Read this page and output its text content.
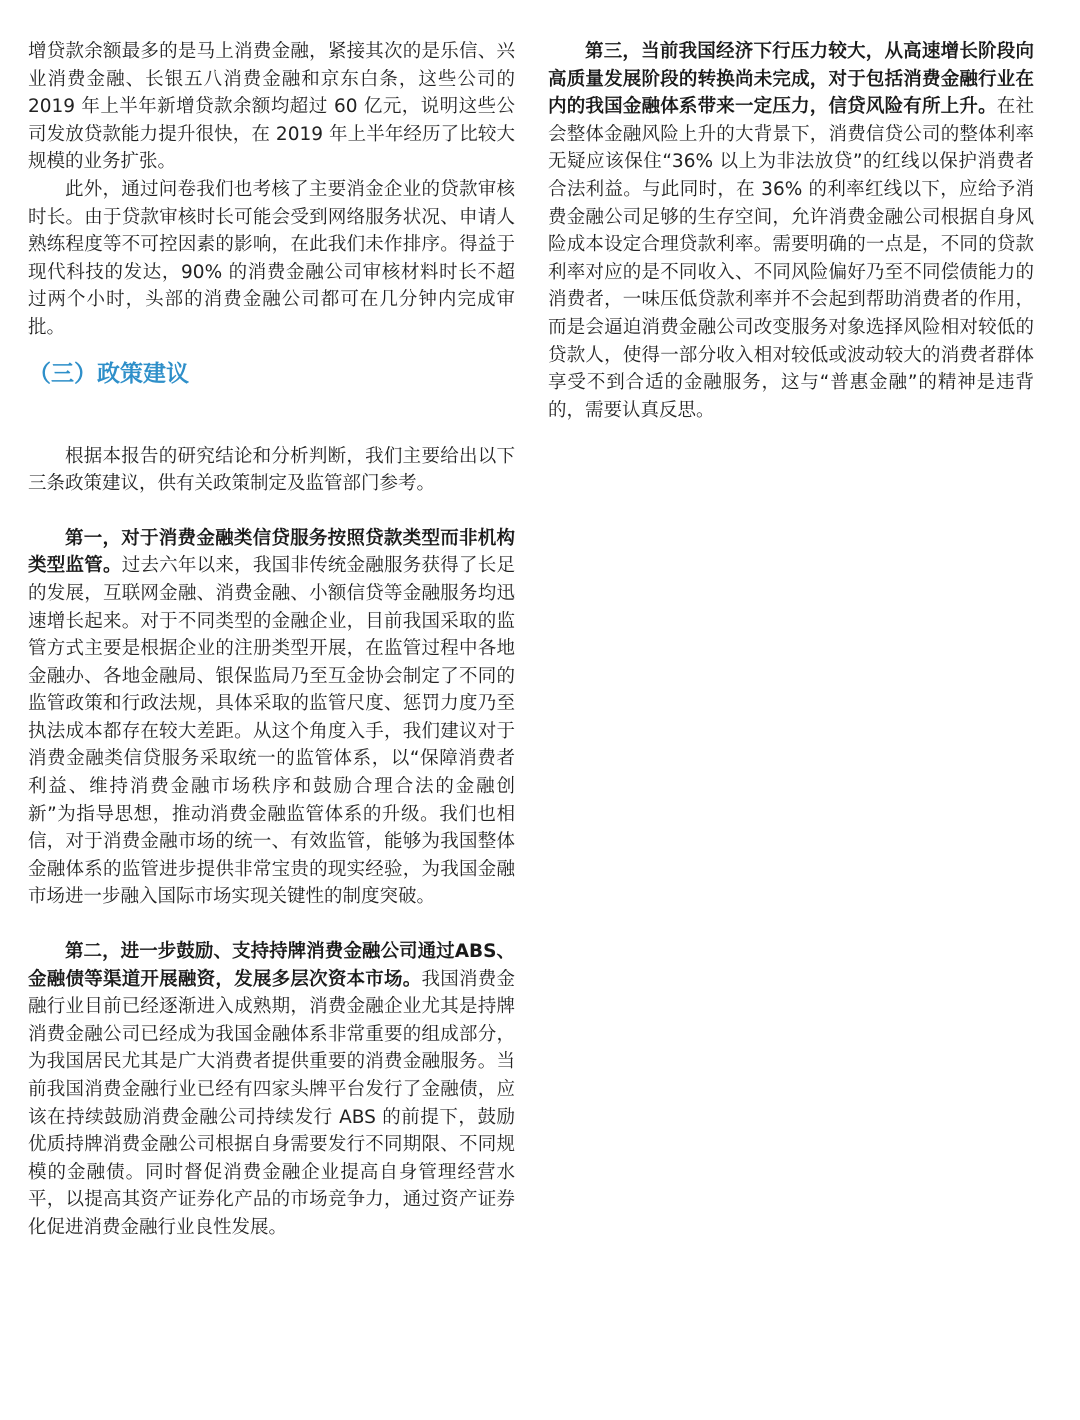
增贷款余额最多的是马上消费金融，紧接其次的是乐信、兴业消费金融、长银五八消费金融和京东白条，这些公司的 2019 年上半年新增贷款余额均超过 60 亿元，说明这些公司发放贷款能力提升很快，在 2019 年上半年经历了比较大规模的业务扩张。

此外，通过问卷我们也考核了主要消金企业的贷款审核时长。由于贷款审核时长可能会受到网络服务状况、申请人熟练程度等不可控因素的影响，在此我们未作排序。得益于现代科技的发达，90% 的消费金融公司审核材料时长不超过两个小时，头部的消费金融公司都可在几分钟内完成审批。

（三）政策建议

根据本报告的研究结论和分析判断，我们主要给出以下三条政策建议，供有关政策制定及监管部门参考。

第一，对于消费金融类信贷服务按照贷款类型而非机构类型监管。过去六年以来，我国非传统金融服务获得了长足的发展，互联网金融、消费金融、小额信贷等金融服务均迅速增长起来。对于不同类型的金融企业，目前我国采取的监管方式主要是根据企业的注册类型开展，在监管过程中各地金融办、各地金融局、银保监局乃至互金协会制定了不同的监管政策和行政法规，具体采取的监管尺度、惩罚力度乃至执法成本都存在较大差距。从这个角度入手，我们建议对于消费金融类信贷服务采取统一的监管体系，以“保障消费者利益、维持消费金融市场秩序和鼓励合理合法的金融创新”为指导思想，推动消费金融监管体系的升级。我们也相信，对于消费金融市场的统一、有效监管，能够为我国整体金融体系的监管进步提供非常宝贵的现实经验，为我国金融市场进一步融入国际市场实现关键性的制度突破。

第二，进一步鼓励、支持持牌消费金融公司通过ABS、金融债等渠道开展融资，发展多层次资本市场。我国消费金融行业目前已经逐渐进入成熟期，消费金融企业尤其是持牌消费金融公司已经成为我国金融体系非常重要的组成部分，为我国居民尤其是广大消费者提供重要的消费金融服务。当前我国消费金融行业已经有四家头牌平台发行了金融债，应该在持续鼓励消费金融公司持续发行 ABS 的前提下，鼓励优质持牌消费金融公司根据自身需要发行不同期限、不同规模的金融债。同时督促消费金融企业提高自身管理经营水平，以提高其资产证券化产品的市场竞争力，通过资产证券化促进消费金融行业良性发展。

第三，当前我国经济下行压力较大，从高速增长阶段向高质量发展阶段的转换尚未完成，对于包括消费金融行业在内的我国金融体系带来一定压力，信贷风险有所上升。在社会整体金融风险上升的大背景下，消费信贷公司的整体利率无疑应该保住“36% 以上为非法放贷”的红线以保护消费者合法利益。与此同时，在 36% 的利率红线以下，应给予消费金融公司足够的生存空间，允许消费金融公司根据自身风险成本设定合理贷款利率。需要明确的一点是，不同的贷款利率对应的是不同收入、不同风险偏好乃至不同偿债能力的消费者，一味压低贷款利率并不会起到帮助消费者的作用，而是会逼迫消费金融公司改变服务对象选择风险相对较低的贷款人，使得一部分收入相对较低或波动较大的消费者群体享受不到合适的金融服务，这与“普惠金融”的精神是违背的，需要认真反思。
